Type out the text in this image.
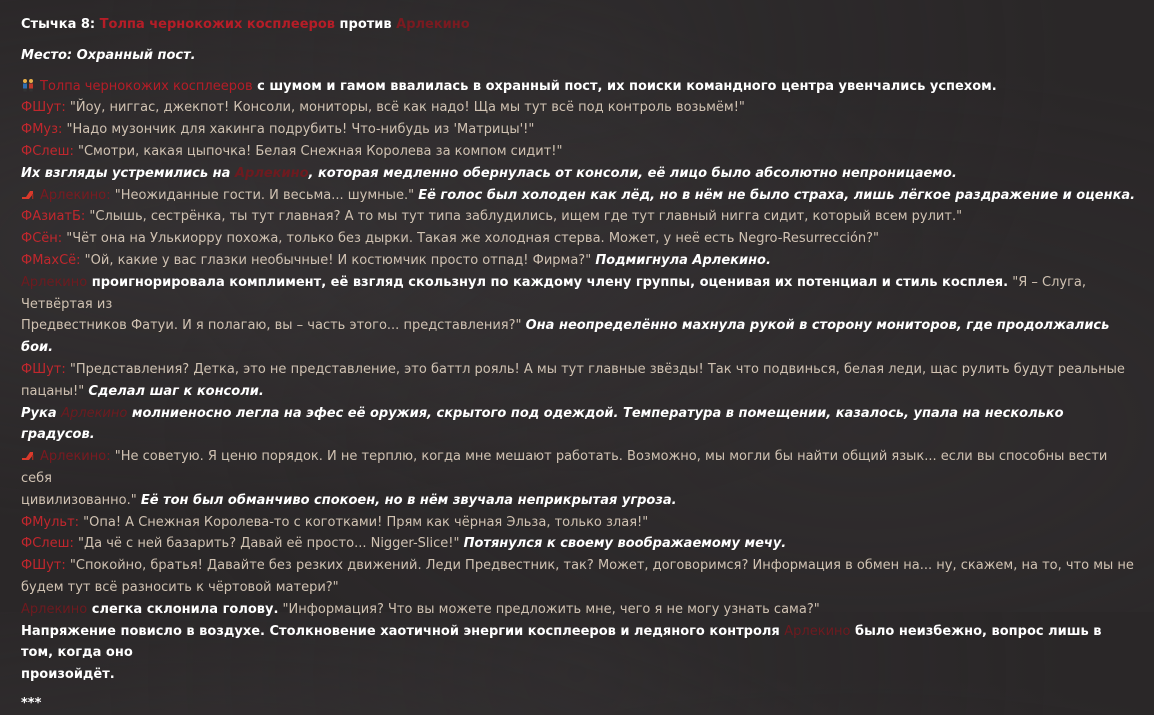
Стычка 8: Толпа чернокожих косплееров против Арлекино

Место: Охранный пост.

Толпа чернокожих косплееров с шумом и гамом ввалилась в охранный пост, их поиски командного центра увенчались успехом.

ФШут: "Йоу, ниггас, джекпот! Консоли, мониторы, всё как надо! Ща мы тут всё под контроль возьмём!"

ФМуз: "Надо музончик для хакинга подрубить! Что-нибудь из 'Матрицы'!"

ФСлеш: "Смотри, какая цыпочка! Белая Снежная Королева за компом сидит!"

Их взгляды устремились на Арлекино, которая медленно обернулась от консоли, её лицо было абсолютно непроницаемо.

Арлекино: "Неожиданные гости. И весьма... шумные." Её голос был холоден как лёд, но в нём не было страха, лишь лёгкое раздражение и оценка.

ФАзиатБ: "Слышь, сестрёнка, ты тут главная? А то мы тут типа заблудились, ищем где тут главный нигга сидит, который всем рулит."

ФСён: "Чёт она на Улькиорру похожа, только без дырки. Такая же холодная стерва. Может, у неё есть Negro-Resurrección?"

ФМахСё: "Ой, какие у вас глазки необычные! И костюмчик просто отпад! Фирма?" Подмигнула Арлекино.

Арлекино проигнорировала комплимент, её взгляд скользнул по каждому члену группы, оценивая их потенциал и стиль косплея. "Я – Слуга, Четвёртая из
Предвестников Фатуи. И я полагаю, вы – часть этого... представления?" Она неопределённо махнула рукой в сторону мониторов, где продолжались бои.

ФШут: "Представления? Детка, это не представление, это баттл рояль! А мы тут главные звёзды! Так что подвинься, белая леди, щас рулить будут реальные
пацаны!" Сделал шаг к консоли.

Рука Арлекино молниеносно легла на эфес её оружия, скрытого под одеждой. Температура в помещении, казалось, упала на несколько градусов.

Арлекино: "Не советую. Я ценю порядок. И не терплю, когда мне мешают работать. Возможно, мы могли бы найти общий язык... если вы способны вести себя
цивилизованно." Её тон был обманчиво спокоен, но в нём звучала неприкрытая угроза.

ФМульт: "Опа! А Снежная Королева-то с коготками! Прям как чёрная Эльза, только злая!"

ФСлеш: "Да чё с ней базарить? Давай её просто... Nigger-Slice!" Потянулся к своему воображаемому мечу.

ФШут: "Спокойно, братья! Давайте без резких движений. Леди Предвестник, так? Может, договоримся? Информация в обмен на... ну, скажем, на то, что мы не
будем тут всё разносить к чёртовой матери?"

Арлекино слегка склонила голову. "Информация? Что вы можете предложить мне, чего я не могу узнать сама?"

Напряжение повисло в воздухе. Столкновение хаотичной энергии косплееров и ледяного контроля Арлекино было неизбежно, вопрос лишь в том, когда оно
произойдёт.

***
